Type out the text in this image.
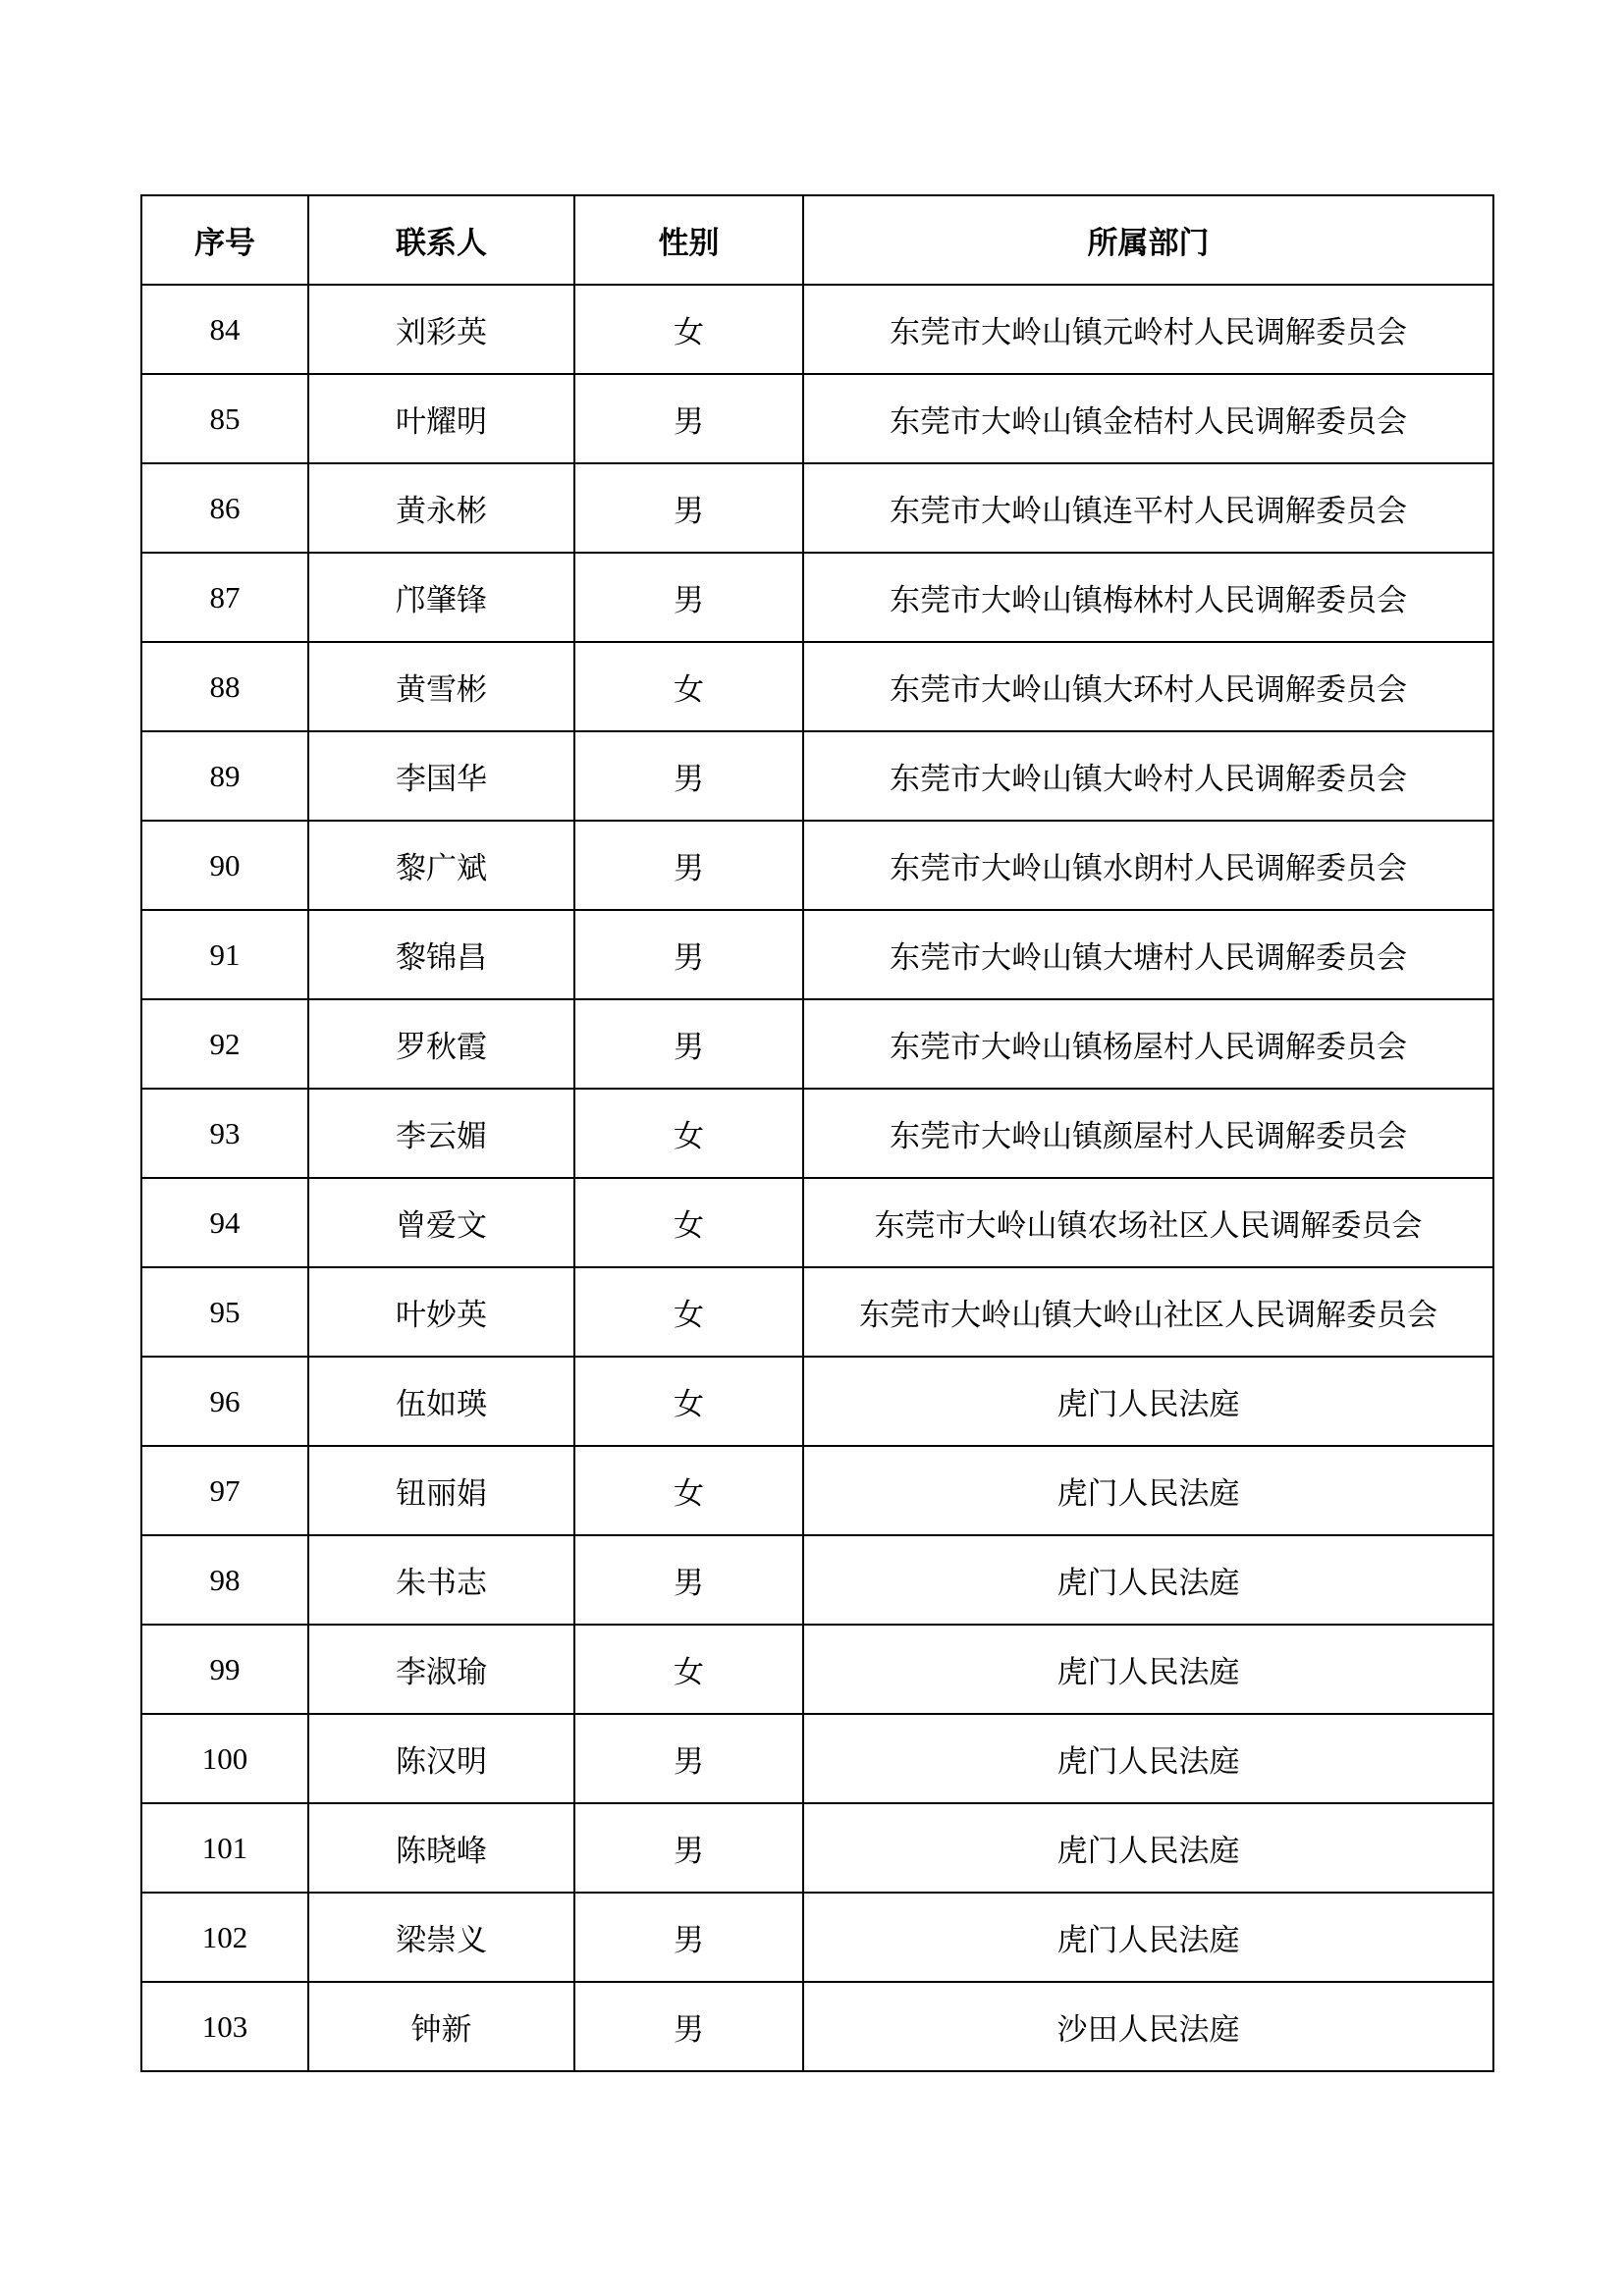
序号	联系人	性别	所属部门
84	刘彩英	女	东莞市大岭山镇元岭村人民调解委员会
85	叶耀明	男	东莞市大岭山镇金桔村人民调解委员会
86	黄永彬	男	东莞市大岭山镇连平村人民调解委员会
87	邝肇锋	男	东莞市大岭山镇梅林村人民调解委员会
88	黄雪彬	女	东莞市大岭山镇大环村人民调解委员会
89	李国华	男	东莞市大岭山镇大岭村人民调解委员会
90	黎广斌	男	东莞市大岭山镇水朗村人民调解委员会
91	黎锦昌	男	东莞市大岭山镇大塘村人民调解委员会
92	罗秋霞	男	东莞市大岭山镇杨屋村人民调解委员会
93	李云媚	女	东莞市大岭山镇颜屋村人民调解委员会
94	曾爱文	女	东莞市大岭山镇农场社区人民调解委员会
95	叶妙英	女	东莞市大岭山镇大岭山社区人民调解委员会
96	伍如瑛	女	虎门人民法庭
97	钮丽娟	女	虎门人民法庭
98	朱书志	男	虎门人民法庭
99	李淑瑜	女	虎门人民法庭
100	陈汉明	男	虎门人民法庭
101	陈晓峰	男	虎门人民法庭
102	梁崇义	男	虎门人民法庭
103	钟新	男	沙田人民法庭
